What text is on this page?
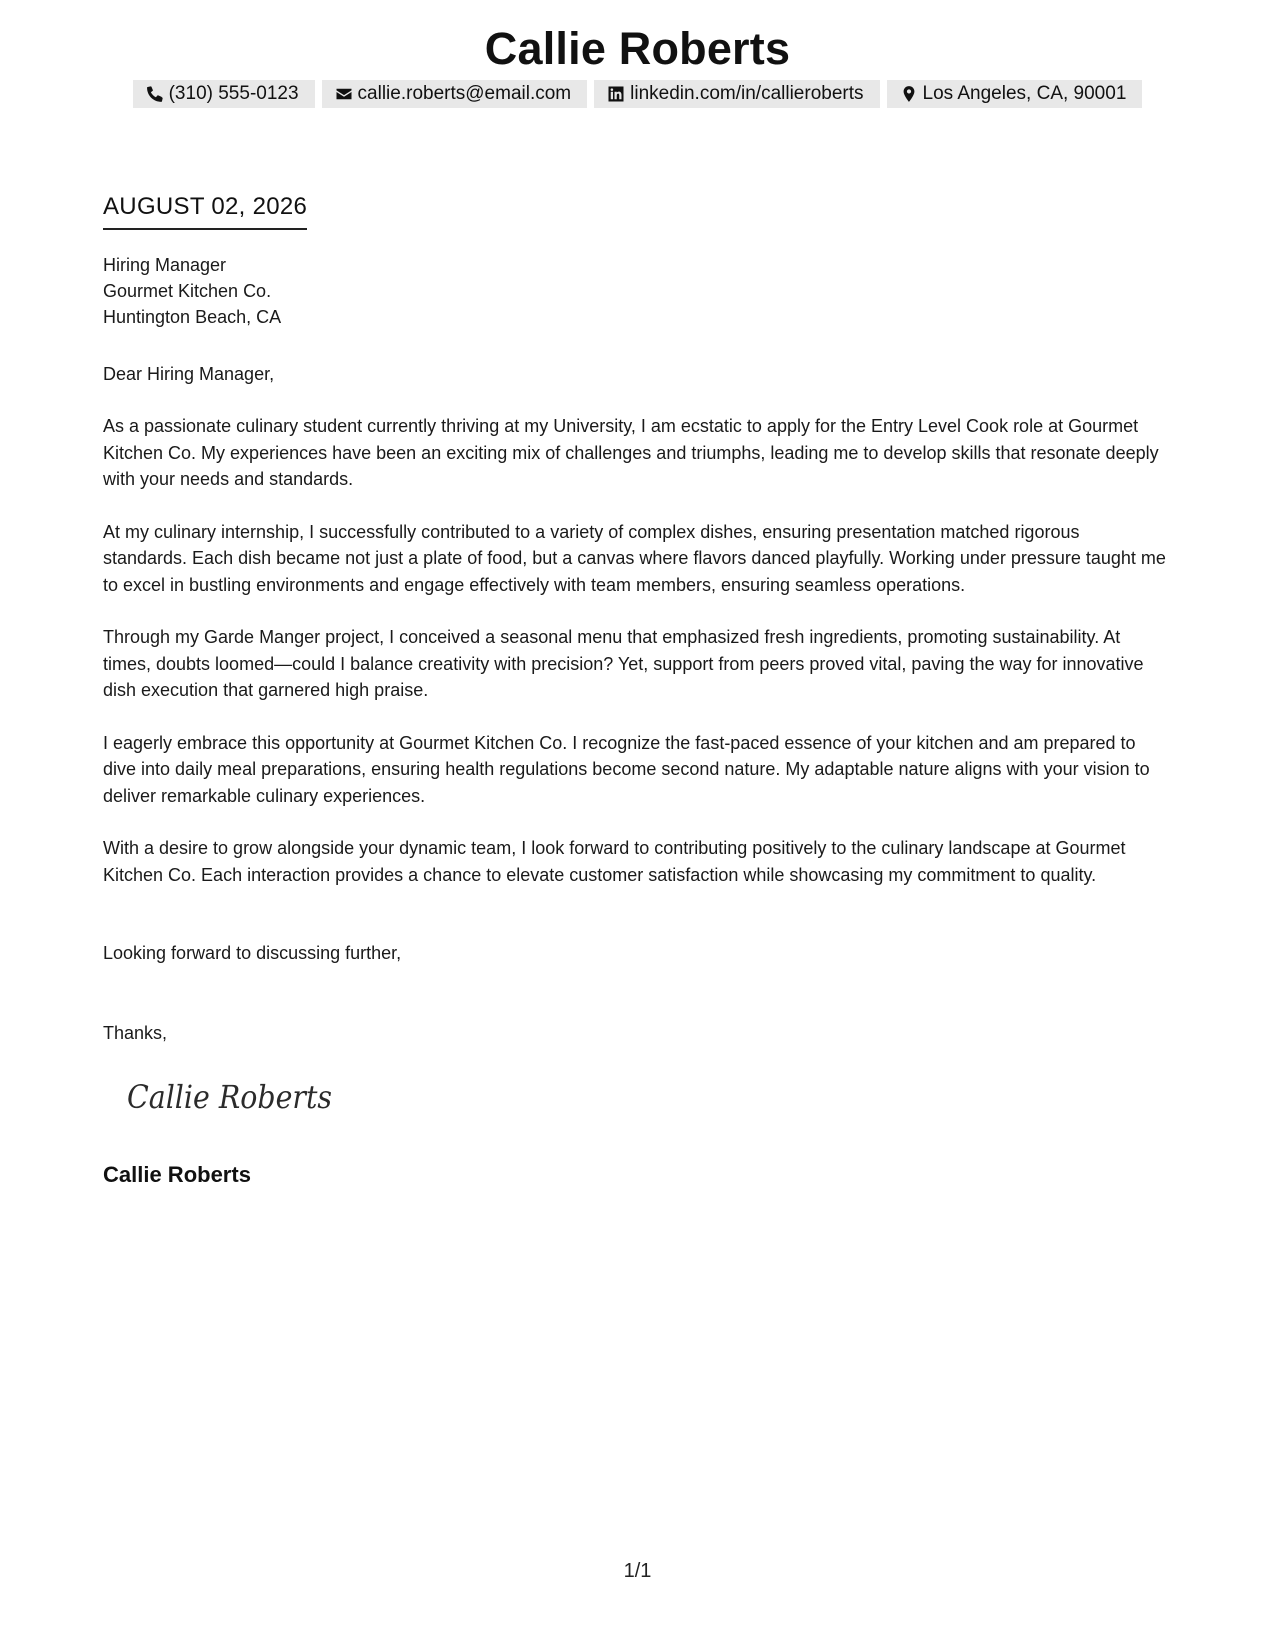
Callie Roberts
(310) 555-0123	callie.roberts@email.com	linkedin.com/in/callieroberts	Los Angeles, CA, 90001
AUGUST 02, 2026
Hiring Manager
Gourmet Kitchen Co.
Huntington Beach, CA
Dear Hiring Manager,

As a passionate culinary student currently thriving at my University, I am ecstatic to apply for the Entry Level Cook role at Gourmet Kitchen Co. My experiences have been an exciting mix of challenges and triumphs, leading me to develop skills that resonate deeply with your needs and standards.

At my culinary internship, I successfully contributed to a variety of complex dishes, ensuring presentation matched rigorous standards. Each dish became not just a plate of food, but a canvas where flavors danced playfully. Working under pressure taught me to excel in bustling environments and engage effectively with team members, ensuring seamless operations.

Through my Garde Manger project, I conceived a seasonal menu that emphasized fresh ingredients, promoting sustainability. At times, doubts loomed—could I balance creativity with precision? Yet, support from peers proved vital, paving the way for innovative dish execution that garnered high praise.

I eagerly embrace this opportunity at Gourmet Kitchen Co. I recognize the fast-paced essence of your kitchen and am prepared to dive into daily meal preparations, ensuring health regulations become second nature. My adaptable nature aligns with your vision to deliver remarkable culinary experiences.

With a desire to grow alongside your dynamic team, I look forward to contributing positively to the culinary landscape at Gourmet Kitchen Co. Each interaction provides a chance to elevate customer satisfaction while showcasing my commitment to quality.

Looking forward to discussing further,
Thanks,
Callie Roberts
Callie Roberts
1/1
